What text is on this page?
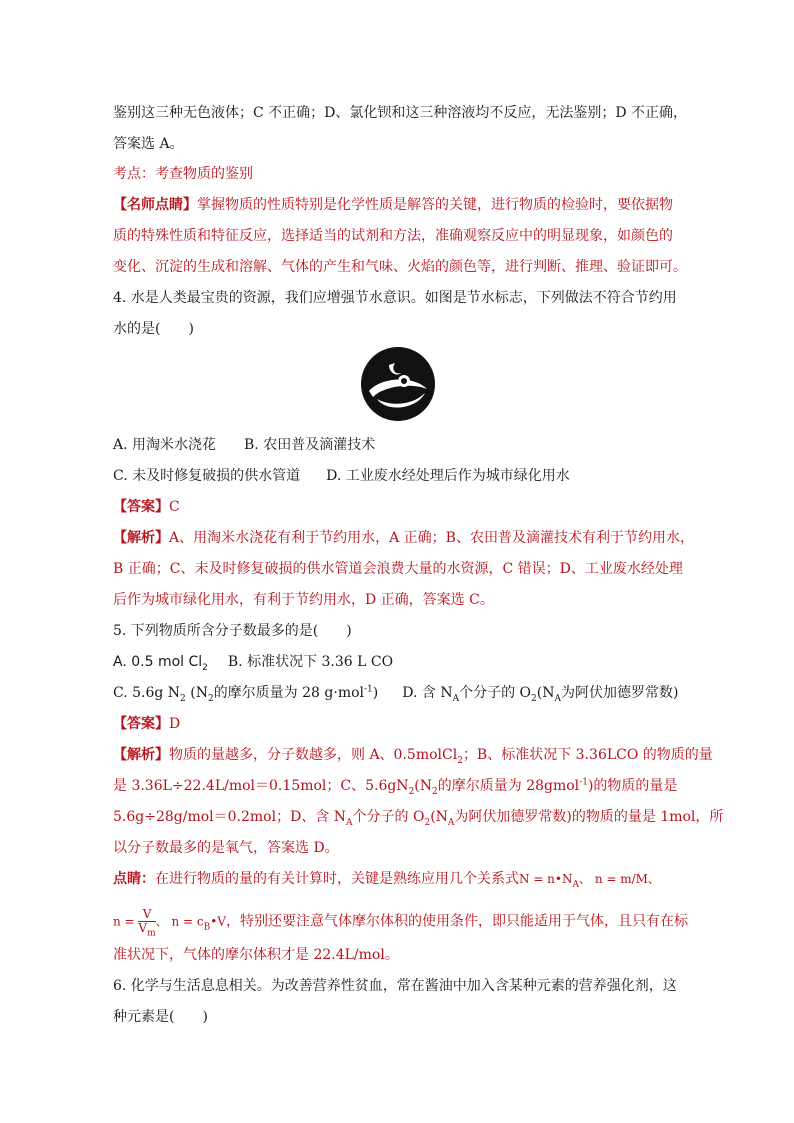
鉴别这三种无色液体；C 不正确；D、氯化钡和这三种溶液均不反应，无法鉴别；D 不正确，
答案选 A。
考点：考查物质的鉴别
【名师点睛】掌握物质的性质特别是化学性质是解答的关键，进行物质的检验时，要依据物
质的特殊性质和特征反应，选择适当的试剂和方法，准确观察反应中的明显现象，如颜色的
变化、沉淀的生成和溶解、气体的产生和气味、火焰的颜色等，进行判断、推理、验证即可。
4. 水是人类最宝贵的资源，我们应增强节水意识。如图是节水标志，下列做法不符合节约用
水的是(　　)
A. 用淘米水浇花 B. 农田普及滴灌技术
C. 未及时修复破损的供水管道 D. 工业废水经处理后作为城市绿化用水
【答案】C
【解析】A、用淘米水浇花有利于节约用水，A 正确；B、农田普及滴灌技术有利于节约用水，
B 正确；C、未及时修复破损的供水管道会浪费大量的水资源，C 错误；D、工业废水经处理
后作为城市绿化用水，有利于节约用水，D 正确，答案选 C。
5. 下列物质所含分子数最多的是(　　)
A. 0.5 mol $Cl_2$ B. 标准状况下 3.36 L CO
C. 5.6g $N_2$ ($N_2$的摩尔质量为 28 g·mol$^{-1}$) D. 含 $N_A$个分子的 $O_2(N_A$为阿伏加德罗常数)
【答案】D
【解析】物质的量越多，分子数越多，则 A、0.5molCl$_2$；B、标准状况下 3.36LCO 的物质的量
是 3.36L÷22.4L/mol＝0.15mol；C、$5.6gN_2(N_2$的摩尔质量为 28gmol$^{-1}$)的物质的量是
5.6g÷28g/mol＝0.2mol；D、含 $N_A$个分子的 $O_2(N_A$为阿伏加德罗常数)的物质的量是 1mol，所
以分子数最多的是氧气，答案选 D。
点睛：在进行物质的量的有关计算时，关键是熟练应用几个关系式$N = n•N_A$、 n = m/M、
$n = \frac{V}{V_m}$ 、 $n = c_B•V$，特别还要注意气体摩尔体积的使用条件，即只能适用于气体，且只有在标
准状况下，气体的摩尔体积才是 22.4L/mol。
6. 化学与生活息息相关。为改善营养性贫血，常在酱油中加入含某种元素的营养强化剂，这
种元素是(　　)
